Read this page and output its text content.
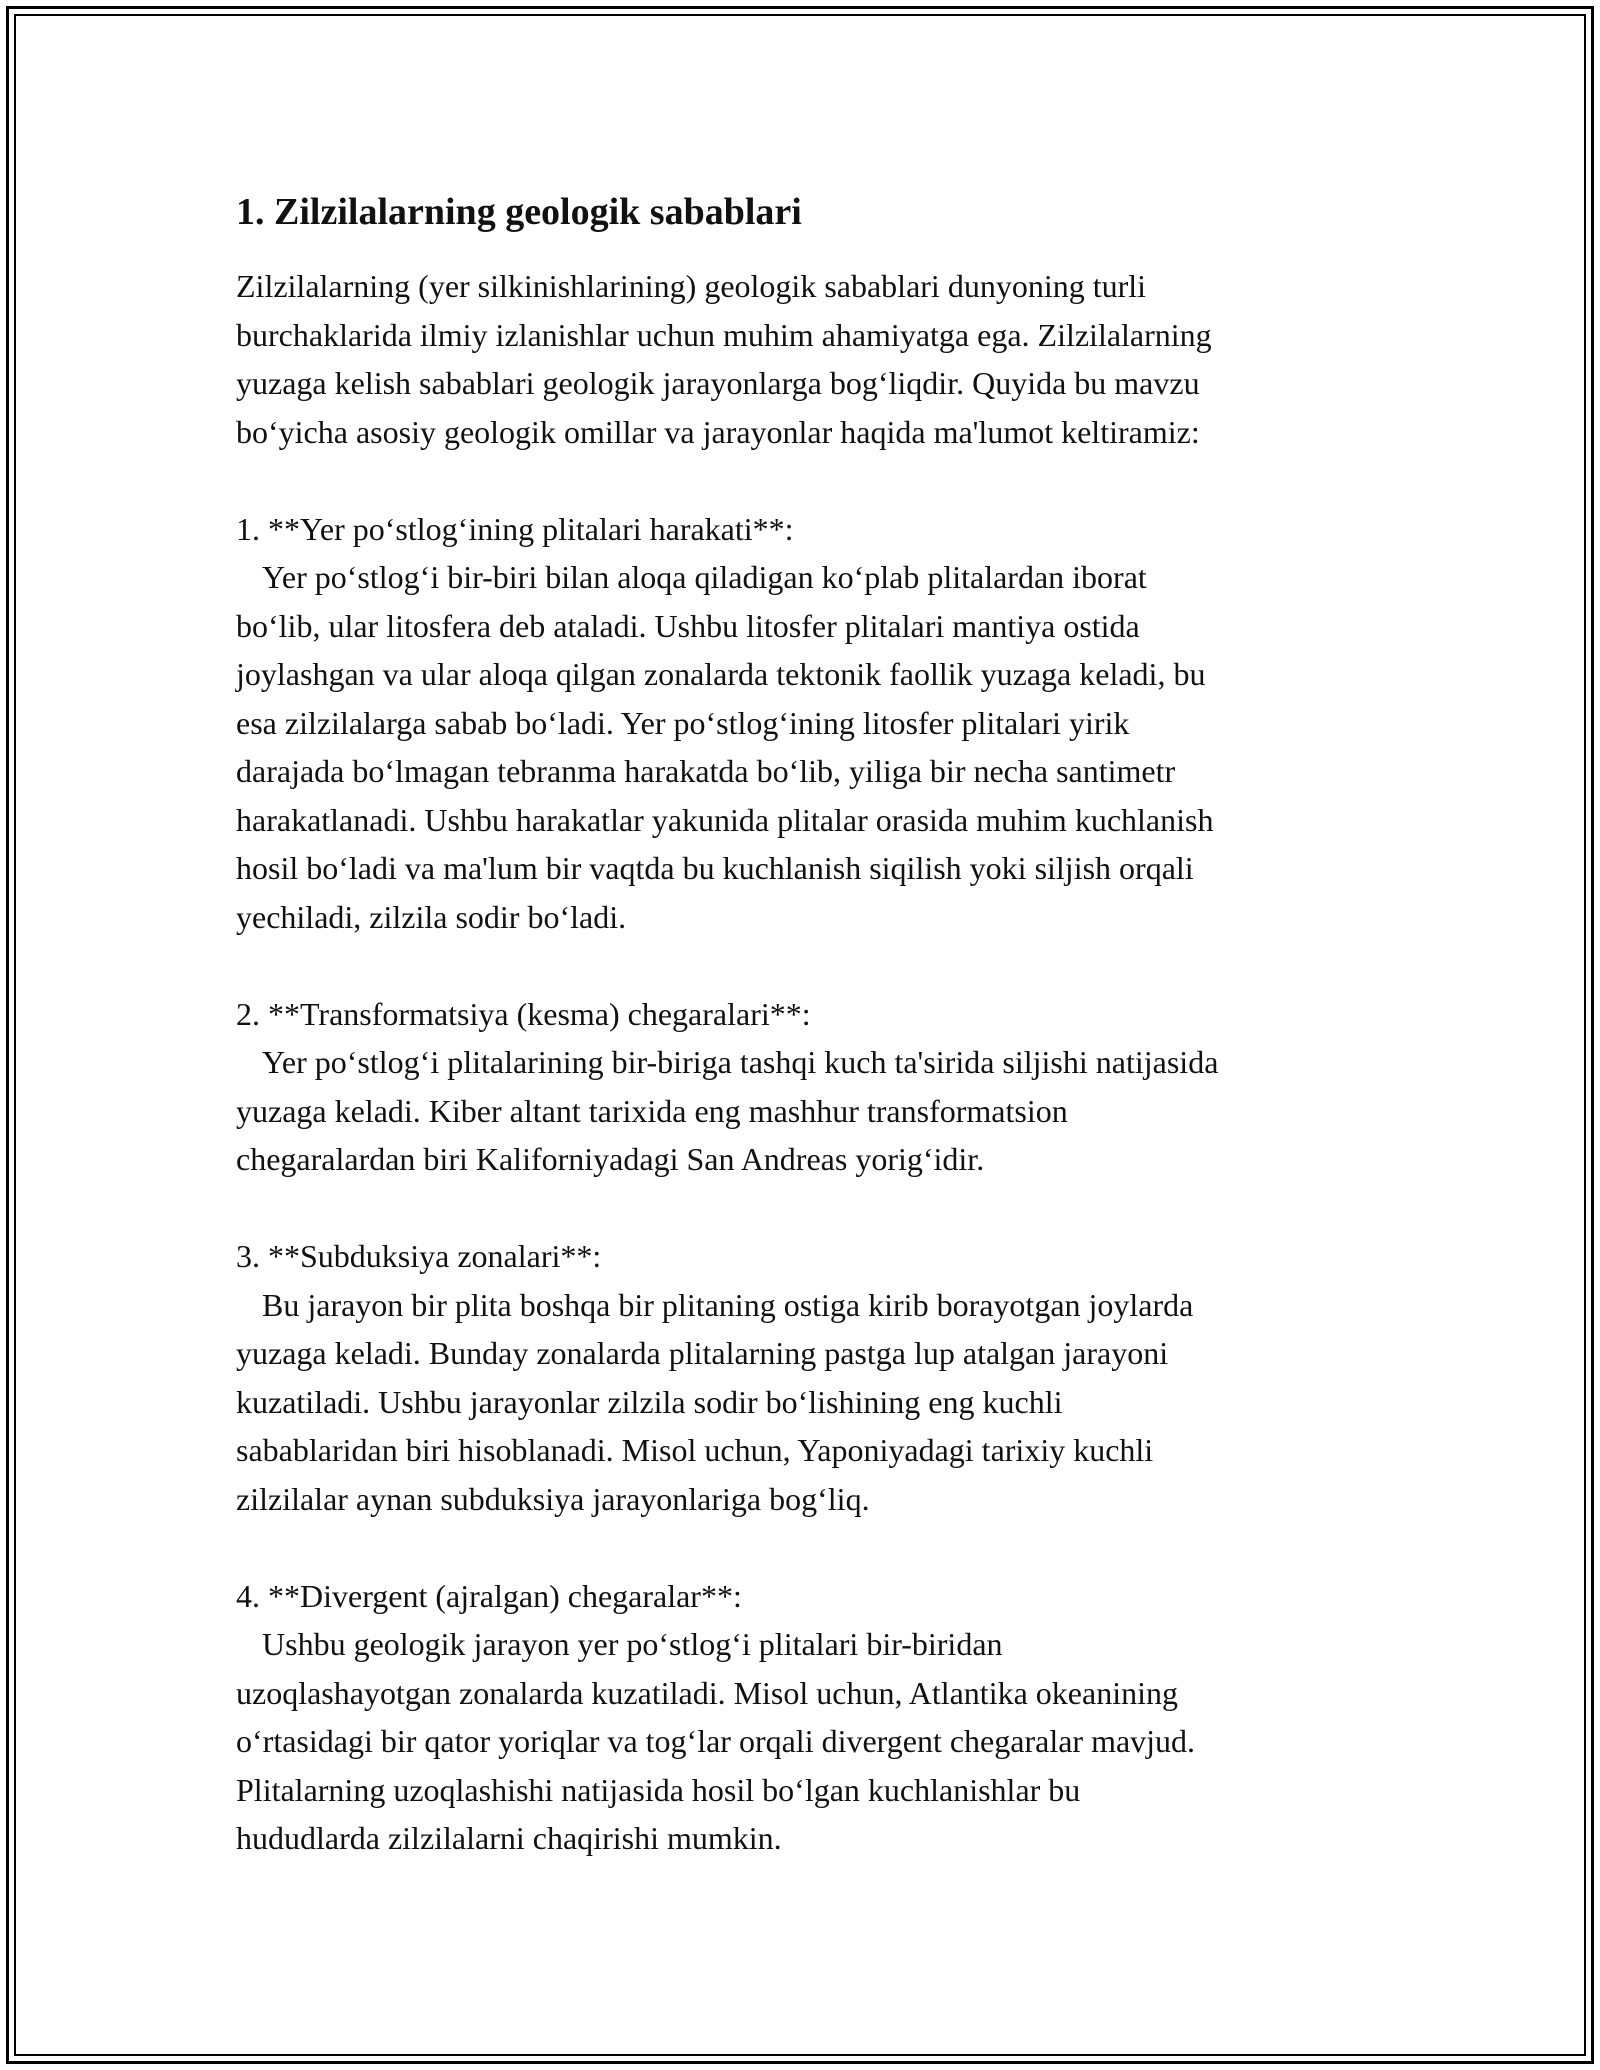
1. Zilzilalarning geologik sabablari
Zilzilalarning (yer silkinishlarining) geologik sabablari dunyoning turli
burchaklarida ilmiy izlanishlar uchun muhim ahamiyatga ega. Zilzilalarning
yuzaga kelish sabablari geologik jarayonlarga bog‘liqdir. Quyida bu mavzu
bo‘yicha asosiy geologik omillar va jarayonlar haqida ma'lumot keltiramiz:
1. **Yer po‘stlog‘ining plitalari harakati**:
Yer po‘stlog‘i bir-biri bilan aloqa qiladigan ko‘plab plitalardan iborat
bo‘lib, ular litosfera deb ataladi. Ushbu litosfer plitalari mantiya ostida
joylashgan va ular aloqa qilgan zonalarda tektonik faollik yuzaga keladi, bu
esa zilzilalarga sabab bo‘ladi. Yer po‘stlog‘ining litosfer plitalari yirik
darajada bo‘lmagan tebranma harakatda bo‘lib, yiliga bir necha santimetr
harakatlanadi. Ushbu harakatlar yakunida plitalar orasida muhim kuchlanish
hosil bo‘ladi va ma'lum bir vaqtda bu kuchlanish siqilish yoki siljish orqali
yechiladi, zilzila sodir bo‘ladi.
2. **Transformatsiya (kesma) chegaralari**:
Yer po‘stlog‘i plitalarining bir-biriga tashqi kuch ta'sirida siljishi natijasida
yuzaga keladi. Kiber altant tarixida eng mashhur transformatsion
chegaralardan biri Kaliforniyadagi San Andreas yorig‘idir.
3. **Subduksiya zonalari**:
Bu jarayon bir plita boshqa bir plitaning ostiga kirib borayotgan joylarda
yuzaga keladi. Bunday zonalarda plitalarning pastga lup atalgan jarayoni
kuzatiladi. Ushbu jarayonlar zilzila sodir bo‘lishining eng kuchli
sabablaridan biri hisoblanadi. Misol uchun, Yaponiyadagi tarixiy kuchli
zilzilalar aynan subduksiya jarayonlariga bog‘liq.
4. **Divergent (ajralgan) chegaralar**:
Ushbu geologik jarayon yer po‘stlog‘i plitalari bir-biridan
uzoqlashayotgan zonalarda kuzatiladi. Misol uchun, Atlantika okeanining
o‘rtasidagi bir qator yoriqlar va tog‘lar orqali divergent chegaralar mavjud.
Plitalarning uzoqlashishi natijasida hosil bo‘lgan kuchlanishlar bu
hududlarda zilzilalarni chaqirishi mumkin.
